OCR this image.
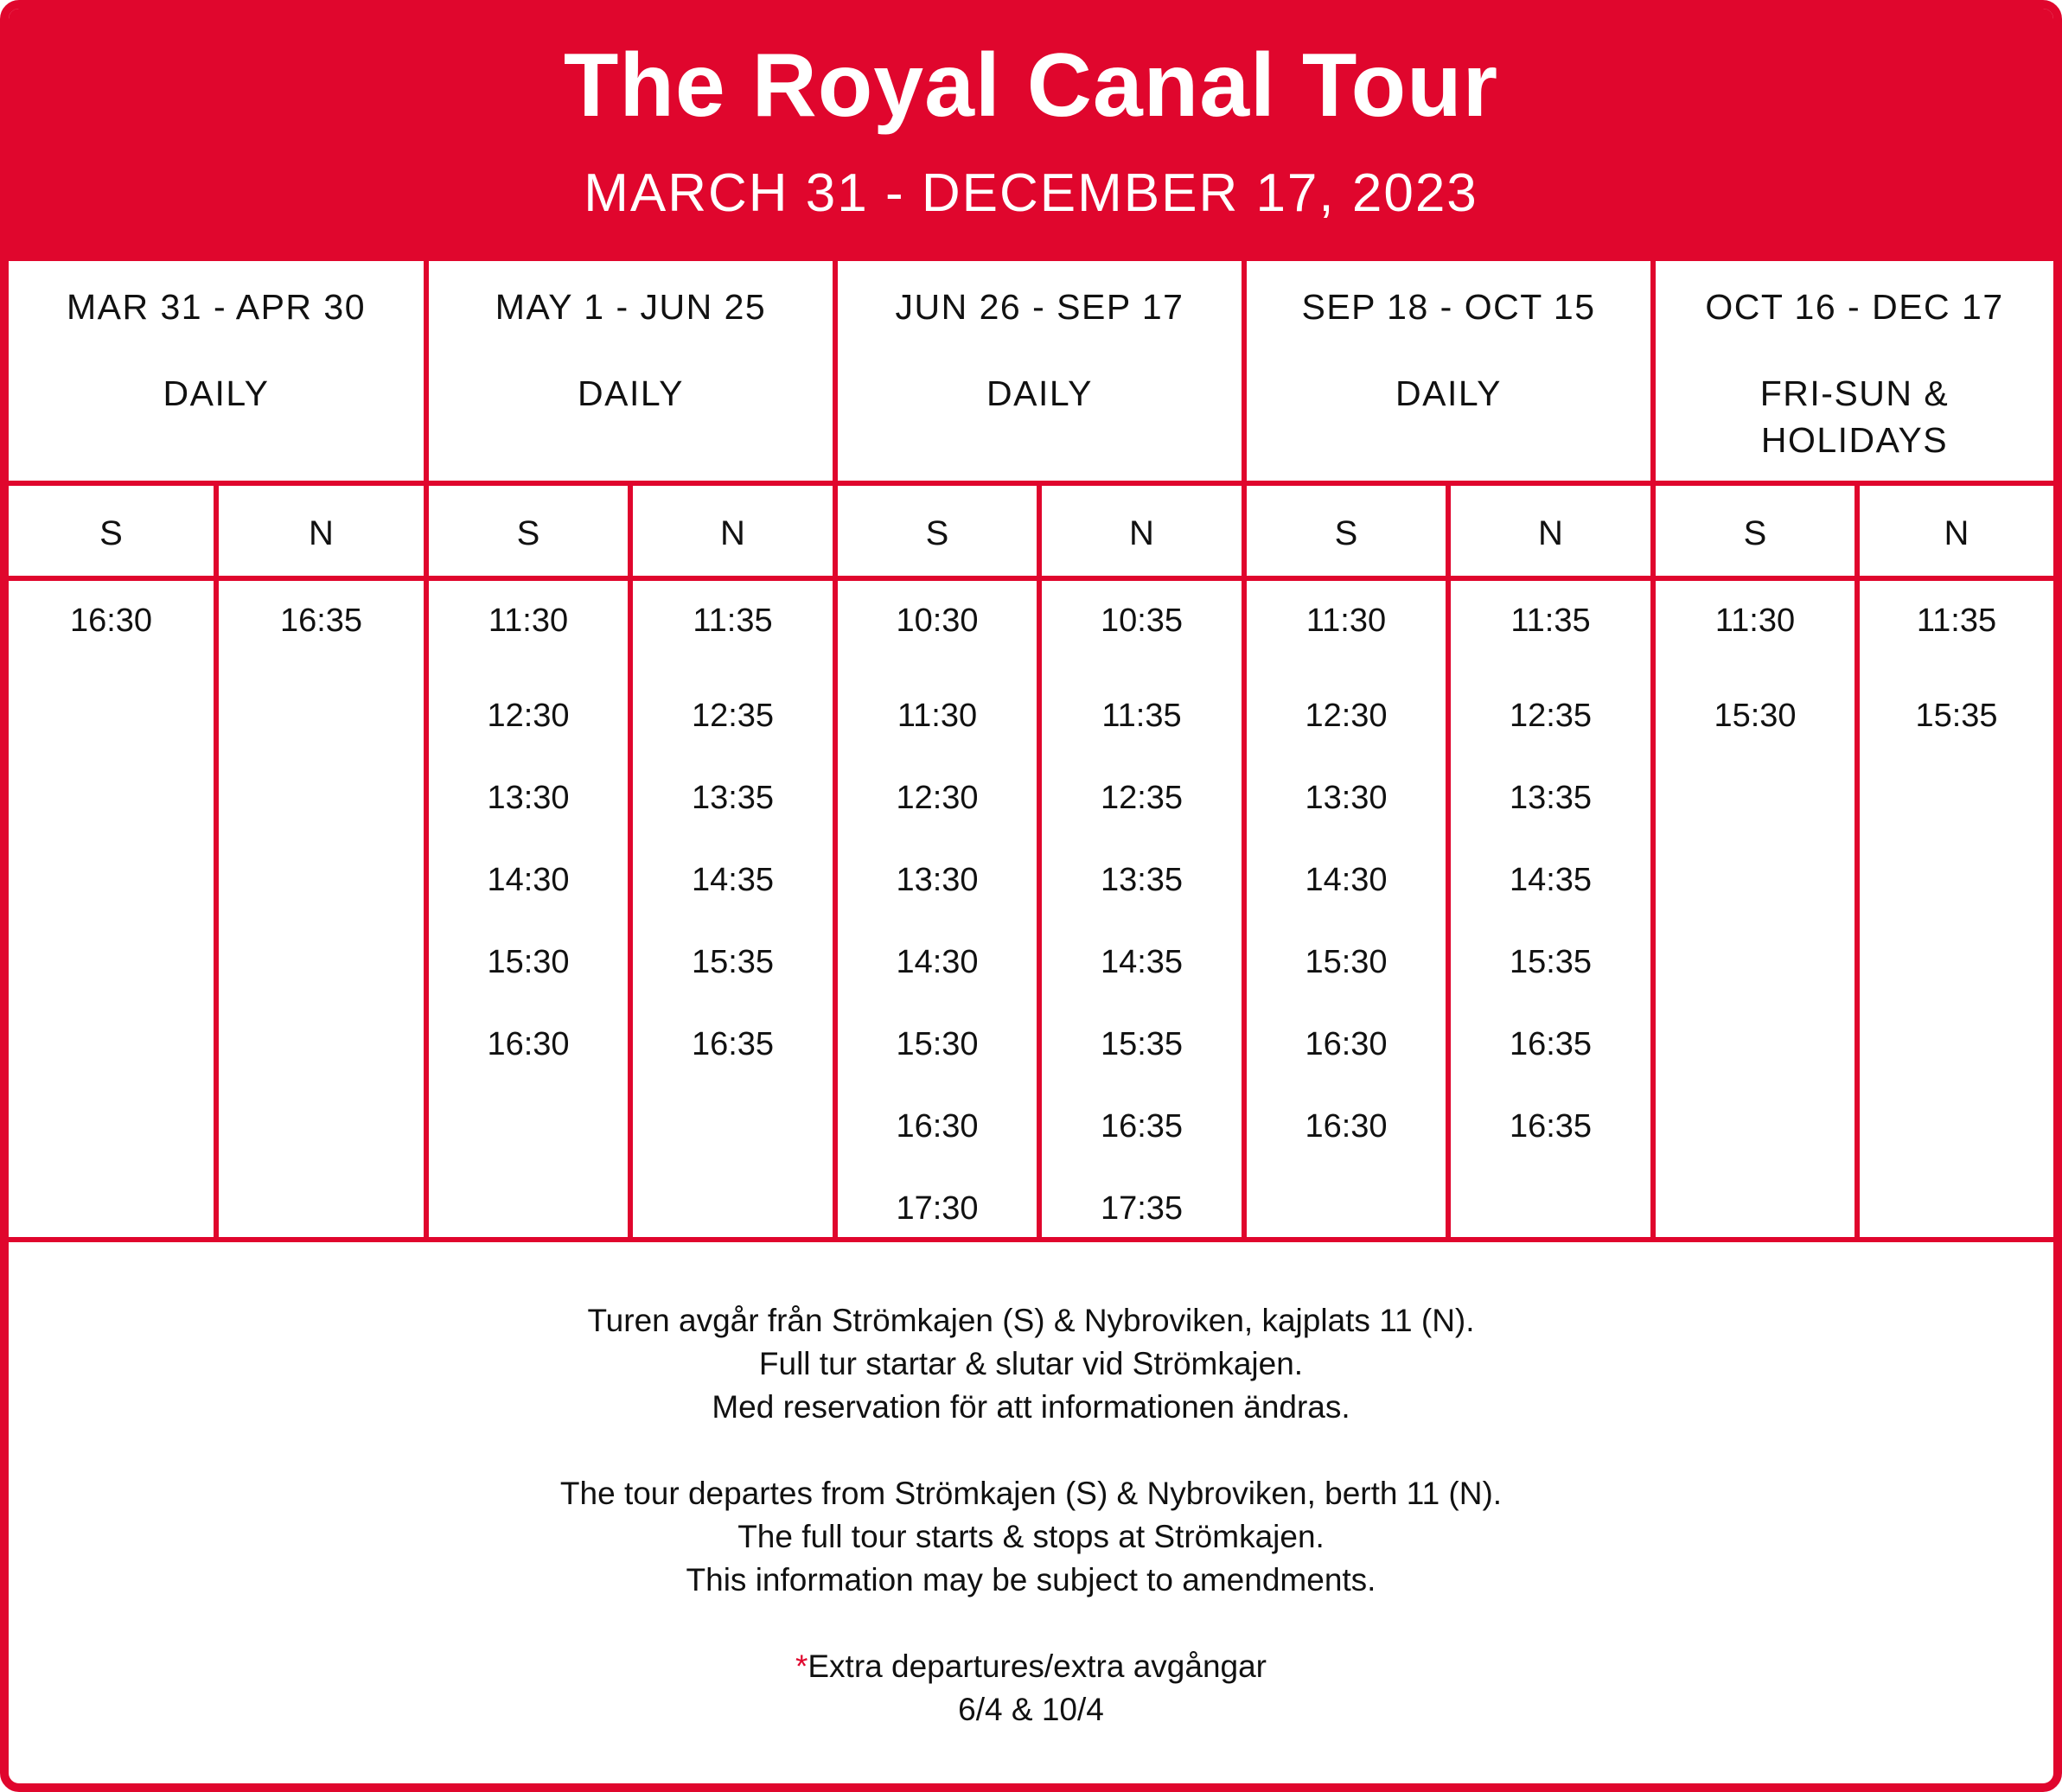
The Royal Canal Tour
MARCH 31 - DECEMBER 17, 2023
MAR 31 - APR 30
DAILY
MAY 1 - JUN 25
DAILY
JUN 26 - SEP 17
DAILY
SEP 18 - OCT 15
DAILY
OCT 16 - DEC 17
FRI-SUN & HOLIDAYS
S
16:30
N
16:35
S
11:30
12:30
13:30
14:30
15:30
16:30
N
11:35
12:35
13:35
14:35
15:35
16:35
S
10:30
11:30
12:30
13:30
14:30
15:30
16:30
17:30
N
10:35
11:35
12:35
13:35
14:35
15:35
16:35
17:35
S
11:30
12:30
13:30
14:30
15:30
16:30
16:30
N
11:35
12:35
13:35
14:35
15:35
16:35
16:35
S
11:30
15:30
N
11:35
15:35

Turen avgår från Strömkajen (S) & Nybroviken, kajplats 11 (N).

Full tur startar & slutar vid Strömkajen.

Med reservation för att informationen ändras.

The tour departes from Strömkajen (S) & Nybroviken, berth 11 (N).

The full tour starts & stops at Strömkajen.

This information may be subject to amendments.

*Extra departures/extra avgångar

6/4 & 10/4
